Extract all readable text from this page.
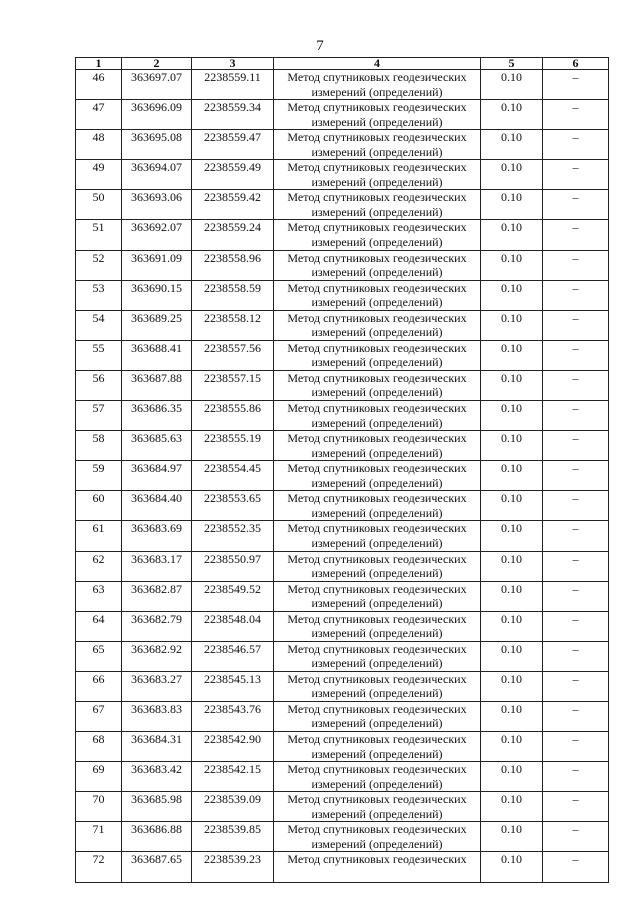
7
1	2	3	4	5	6
46	363697.07	2238559.11	Метод спутниковых геодезических измерений (определений)	0.10	–
47	363696.09	2238559.34	Метод спутниковых геодезических измерений (определений)	0.10	–
48	363695.08	2238559.47	Метод спутниковых геодезических измерений (определений)	0.10	–
49	363694.07	2238559.49	Метод спутниковых геодезических измерений (определений)	0.10	–
50	363693.06	2238559.42	Метод спутниковых геодезических измерений (определений)	0.10	–
51	363692.07	2238559.24	Метод спутниковых геодезических измерений (определений)	0.10	–
52	363691.09	2238558.96	Метод спутниковых геодезических измерений (определений)	0.10	–
53	363690.15	2238558.59	Метод спутниковых геодезических измерений (определений)	0.10	–
54	363689.25	2238558.12	Метод спутниковых геодезических измерений (определений)	0.10	–
55	363688.41	2238557.56	Метод спутниковых геодезических измерений (определений)	0.10	–
56	363687.88	2238557.15	Метод спутниковых геодезических измерений (определений)	0.10	–
57	363686.35	2238555.86	Метод спутниковых геодезических измерений (определений)	0.10	–
58	363685.63	2238555.19	Метод спутниковых геодезических измерений (определений)	0.10	–
59	363684.97	2238554.45	Метод спутниковых геодезических измерений (определений)	0.10	–
60	363684.40	2238553.65	Метод спутниковых геодезических измерений (определений)	0.10	–
61	363683.69	2238552.35	Метод спутниковых геодезических измерений (определений)	0.10	–
62	363683.17	2238550.97	Метод спутниковых геодезических измерений (определений)	0.10	–
63	363682.87	2238549.52	Метод спутниковых геодезических измерений (определений)	0.10	–
64	363682.79	2238548.04	Метод спутниковых геодезических измерений (определений)	0.10	–
65	363682.92	2238546.57	Метод спутниковых геодезических измерений (определений)	0.10	–
66	363683.27	2238545.13	Метод спутниковых геодезических измерений (определений)	0.10	–
67	363683.83	2238543.76	Метод спутниковых геодезических измерений (определений)	0.10	–
68	363684.31	2238542.90	Метод спутниковых геодезических измерений (определений)	0.10	–
69	363683.42	2238542.15	Метод спутниковых геодезических измерений (определений)	0.10	–
70	363685.98	2238539.09	Метод спутниковых геодезических измерений (определений)	0.10	–
71	363686.88	2238539.85	Метод спутниковых геодезических измерений (определений)	0.10	–
72	363687.65	2238539.23	Метод спутниковых геодезических	0.10	–
